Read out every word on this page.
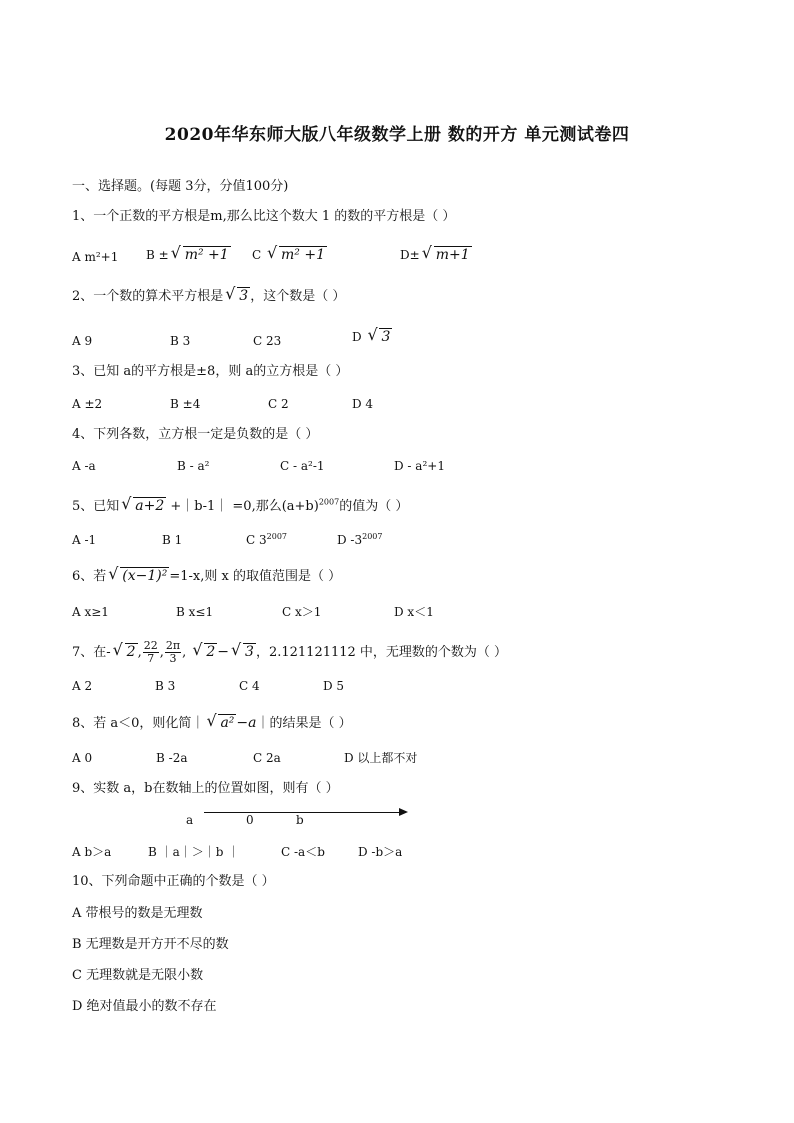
2020年华东师大版八年级数学上册 数的开方 单元测试卷四
一、选择题。(每题 3分，分值100分)
1、一个正数的平方根是m,那么比这个数大 1 的数的平方根是（ ）
A m²+1 B ± √ m² +1 C √ m² +1	D± √ m+1
2、一个数的算术平方根是 √ 3 ，这个数是（ ）
A 9	B 3	C 23	D √ 3
3、已知 a的平方根是±8，则 a的立方根是（ ）
A ±2	B ±4	C 2	D 4
4、下列各数，立方根一定是负数的是（ ）
A -a	B - a²	C - a²-1	D - a²+1
5、已知 √ a+2 +｜b-1｜ =0,那么$(a+b)^{2007}$的值为（ ）
A -1	B 1	C $3^{2007}$	D $-3^{2007}$
6、若 √ (x−1)² =1-x,则 x 的取值范围是（ ）
A x≥1	B x≤1	C x＞1	D x＜1
7、在- √ 2 , $\frac{22}{7}$ , $\frac{2\pi}{3}$ , √ 2 − √ 3 ，2.121121112 中，无理数的个数为（ ）
A 2	B 3	C 4	D 5
8、若 a＜0，则化简｜ √ a² −a｜的结果是（ ）
A 0	B -2a	C 2a	D 以上都不对
9、实数 a，b在数轴上的位置如图，则有（ ）
a	0	b
A b＞a	B ｜a｜＞｜b ｜	C -a＜b	D -b＞a
10、下列命题中正确的个数是（ ）
A 带根号的数是无理数
B 无理数是开方开不尽的数
C 无理数就是无限小数
D 绝对值最小的数不存在
